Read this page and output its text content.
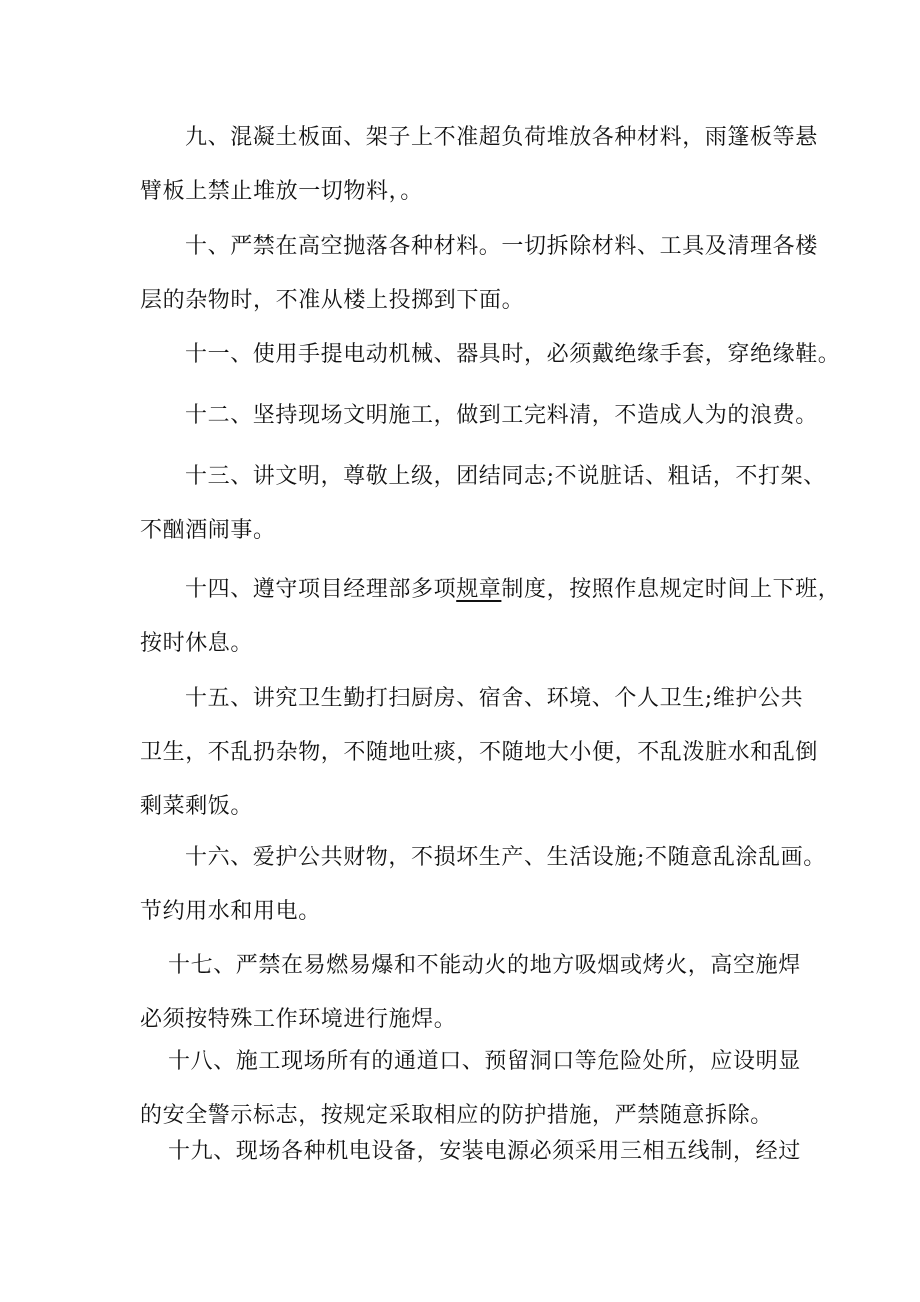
九、混凝土板面、架子上不准超负荷堆放各种材料，雨篷板等悬
臂板上禁止堆放一切物料，。
十、严禁在高空抛落各种材料。一切拆除材料、工具及清理各楼
层的杂物时，不准从楼上投掷到下面。
十一、使用手提电动机械、器具时，必须戴绝缘手套，穿绝缘鞋。
十二、坚持现场文明施工，做到工完料清，不造成人为的浪费。
十三、讲文明，尊敬上级，团结同志;不说脏话、粗话，不打架、
不酗酒闹事。
十四、遵守项目经理部多项规章制度，按照作息规定时间上下班，
按时休息。
十五、讲究卫生勤打扫厨房、宿舍、环境、个人卫生;维护公共
卫生，不乱扔杂物，不随地吐痰，不随地大小便，不乱泼脏水和乱倒
剩菜剩饭。
十六、爱护公共财物，不损坏生产、生活设施;不随意乱涂乱画。
节约用水和用电。
十七、严禁在易燃易爆和不能动火的地方吸烟或烤火，高空施焊
必须按特殊工作环境进行施焊。
十八、施工现场所有的通道口、预留洞口等危险处所，应设明显
的安全警示标志，按规定采取相应的防护措施，严禁随意拆除。
十九、现场各种机电设备，安装电源必须采用三相五线制，经过
